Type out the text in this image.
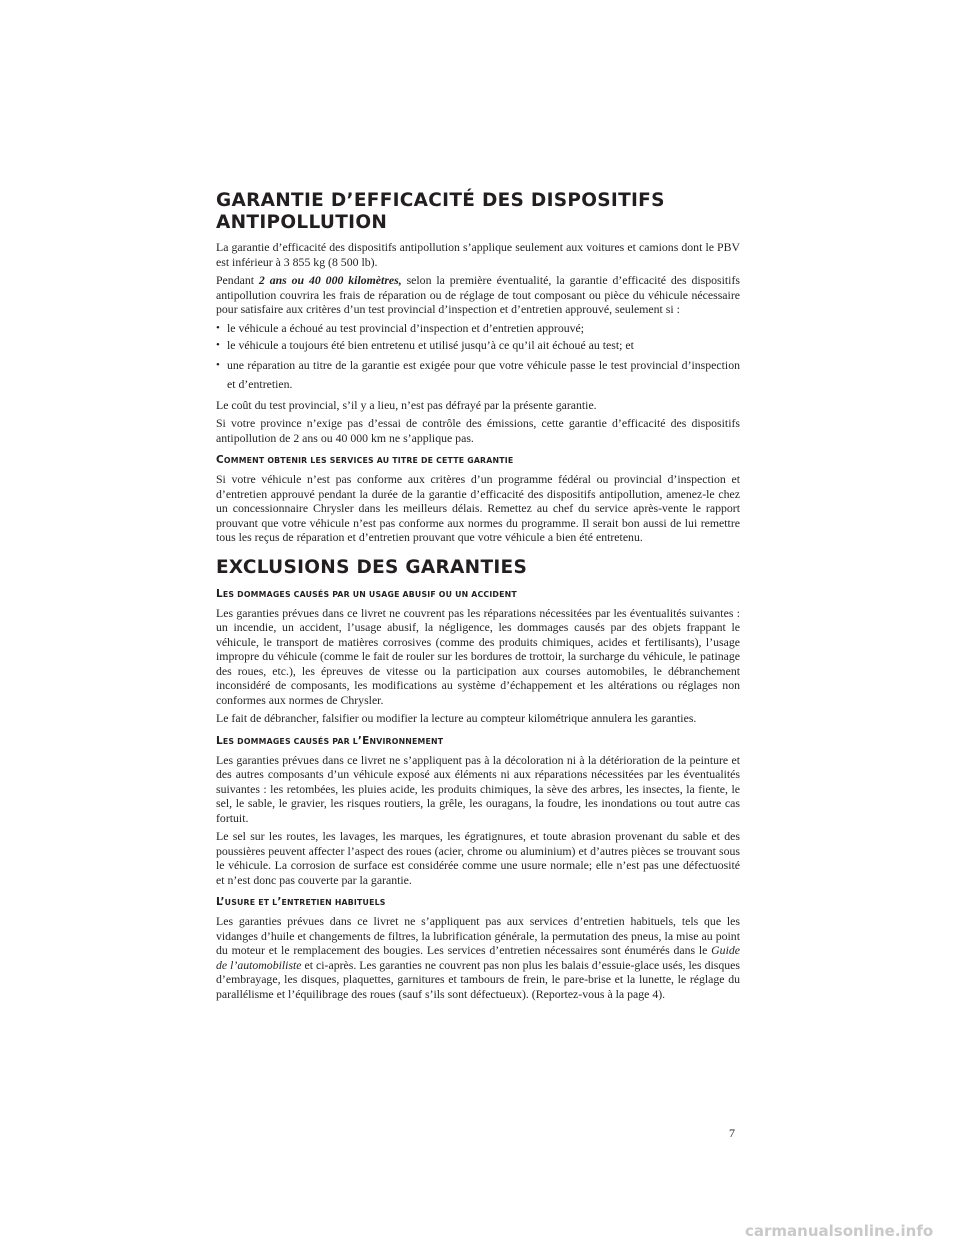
GARANTIE D’EFFICACITÉ DES DISPOSITIFS
ANTIPOLLUTION

La garantie d’efficacité des dispositifs antipollution s’applique seulement aux voitures et camions dont le PBV est inférieur à 3 855 kg (8 500 lb).

Pendant 2 ans ou 40 000 kilomètres, selon la première éventualité, la garantie d’efficacité des dispositifs antipollution couvrira les frais de réparation ou de réglage de tout composant ou pièce du véhicule nécessaire pour satisfaire aux critères d’un test provincial d’inspection et d’entretien approuvé, seulement si :

• le véhicule a échoué au test provincial d’inspection et d’entretien approuvé;
• le véhicule a toujours été bien entretenu et utilisé jusqu’à ce qu’il ait échoué au test; et
• une réparation au titre de la garantie est exigée pour que votre véhicule passe le test provincial d’inspection et d’entretien.

Le coût du test provincial, s’il y a lieu, n’est pas défrayé par la présente garantie.

Si votre province n’exige pas d’essai de contrôle des émissions, cette garantie d’efficacité des dispositifs antipollution de 2 ans ou 40 000 km ne s’applique pas.

COMMENT OBTENIR LES SERVICES AU TITRE DE CETTE GARANTIE

Si votre véhicule n’est pas conforme aux critères d’un programme fédéral ou provincial d’inspection et d’entretien approuvé pendant la durée de la garantie d’efficacité des dispositifs antipollution, amenez-le chez un concessionnaire Chrysler dans les meilleurs délais. Remettez au chef du service après-vente le rapport prouvant que votre véhicule n’est pas conforme aux normes du programme. Il serait bon aussi de lui remettre tous les reçus de réparation et d’entretien prouvant que votre véhicule a bien été entretenu.

EXCLUSIONS DES GARANTIES
LES DOMMAGES CAUSÉS PAR UN USAGE ABUSIF OU UN ACCIDENT

Les garanties prévues dans ce livret ne couvrent pas les réparations nécessitées par les éventualités suivantes : un incendie, un accident, l’usage abusif, la négligence, les dommages causés par des objets frappant le véhicule, le transport de matières corrosives (comme des produits chimiques, acides et fertilisants), l’usage impropre du véhicule (comme le fait de rouler sur les bordures de trottoir, la surcharge du véhicule, le patinage des roues, etc.), les épreuves de vitesse ou la participation aux courses automobiles, le débranchement inconsidéré de composants, les modifications au système d’échappement et les altérations ou réglages non conformes aux normes de Chrysler.

Le fait de débrancher, falsifier ou modifier la lecture au compteur kilométrique annulera les garanties.

LES DOMMAGES CAUSÉS PAR L’ENVIRONNEMENT

Les garanties prévues dans ce livret ne s’appliquent pas à la décoloration ni à la détérioration de la peinture et des autres composants d’un véhicule exposé aux éléments ni aux réparations nécessitées par les éventualités suivantes : les retombées, les pluies acide, les produits chimiques, la sève des arbres, les insectes, la fiente, le sel, le sable, le gravier, les risques routiers, la grêle, les ouragans, la foudre, les inondations ou tout autre cas fortuit.

Le sel sur les routes, les lavages, les marques, les égratignures, et toute abrasion provenant du sable et des poussières peuvent affecter l’aspect des roues (acier, chrome ou aluminium) et d’autres pièces se trouvant sous le véhicule. La corrosion de surface est considérée comme une usure normale; elle n’est pas une défectuosité et n’est donc pas couverte par la garantie.

L’USURE ET L’ENTRETIEN HABITUELS

Les garanties prévues dans ce livret ne s’appliquent pas aux services d’entretien habituels, tels que les vidanges d’huile et changements de filtres, la lubrification générale, la permutation des pneus, la mise au point du moteur et le remplacement des bougies. Les services d’entretien nécessaires sont énumérés dans le Guide de l’automobiliste et ci-après. Les garanties ne couvrent pas non plus les balais d’essuie-glace usés, les disques d’embrayage, les disques, plaquettes, garnitures et tambours de frein, le pare-brise et la lunette, le réglage du parallélisme et l’équilibrage des roues (sauf s’ils sont défectueux). (Reportez-vous à la page 4).

7
carmanualsonline.info
